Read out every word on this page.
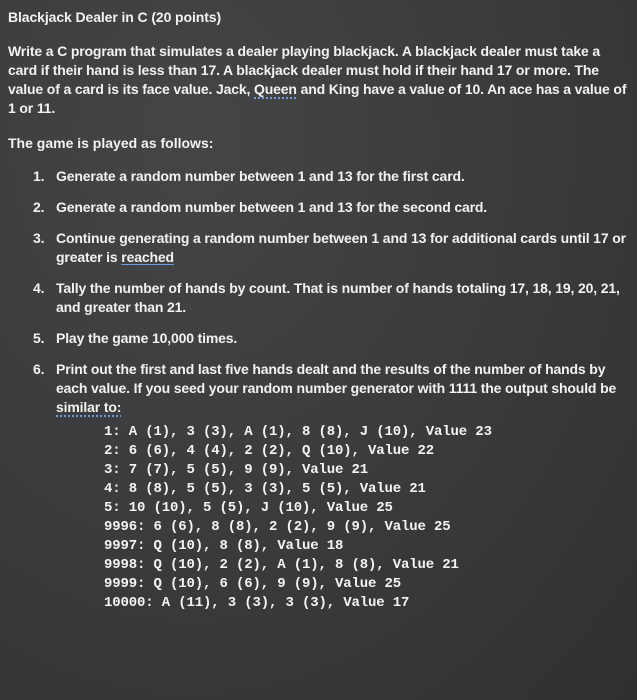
Blackjack Dealer in C (20 points)
Write a C program that simulates a dealer playing blackjack. A blackjack dealer must take a card if their hand is less than 17. A blackjack dealer must hold if their hand 17 or more. The value of a card is its face value. Jack, Queen and King have a value of 10. An ace has a value of 1 or 11.
The game is played as follows:
1. Generate a random number between 1 and 13 for the first card.
2. Generate a random number between 1 and 13 for the second card.
3. Continue generating a random number between 1 and 13 for additional cards until 17 or greater is reached
4. Tally the number of hands by count. That is number of hands totaling 17, 18, 19, 20, 21, and greater than 21.
5. Play the game 10,000 times.
6. Print out the first and last five hands dealt and the results of the number of hands by each value. If you seed your random number generator with 1111 the output should be similar to:
1: A (1), 3 (3), A (1), 8 (8), J (10), Value 23
2: 6 (6), 4 (4), 2 (2), Q (10), Value 22
3: 7 (7), 5 (5), 9 (9), Value 21
4: 8 (8), 5 (5), 3 (3), 5 (5), Value 21
5: 10 (10), 5 (5), J (10), Value 25
9996: 6 (6), 8 (8), 2 (2), 9 (9), Value 25
9997: Q (10), 8 (8), Value 18
9998: Q (10), 2 (2), A (1), 8 (8), Value 21
9999: Q (10), 6 (6), 9 (9), Value 25
10000: A (11), 3 (3), 3 (3), Value 17
